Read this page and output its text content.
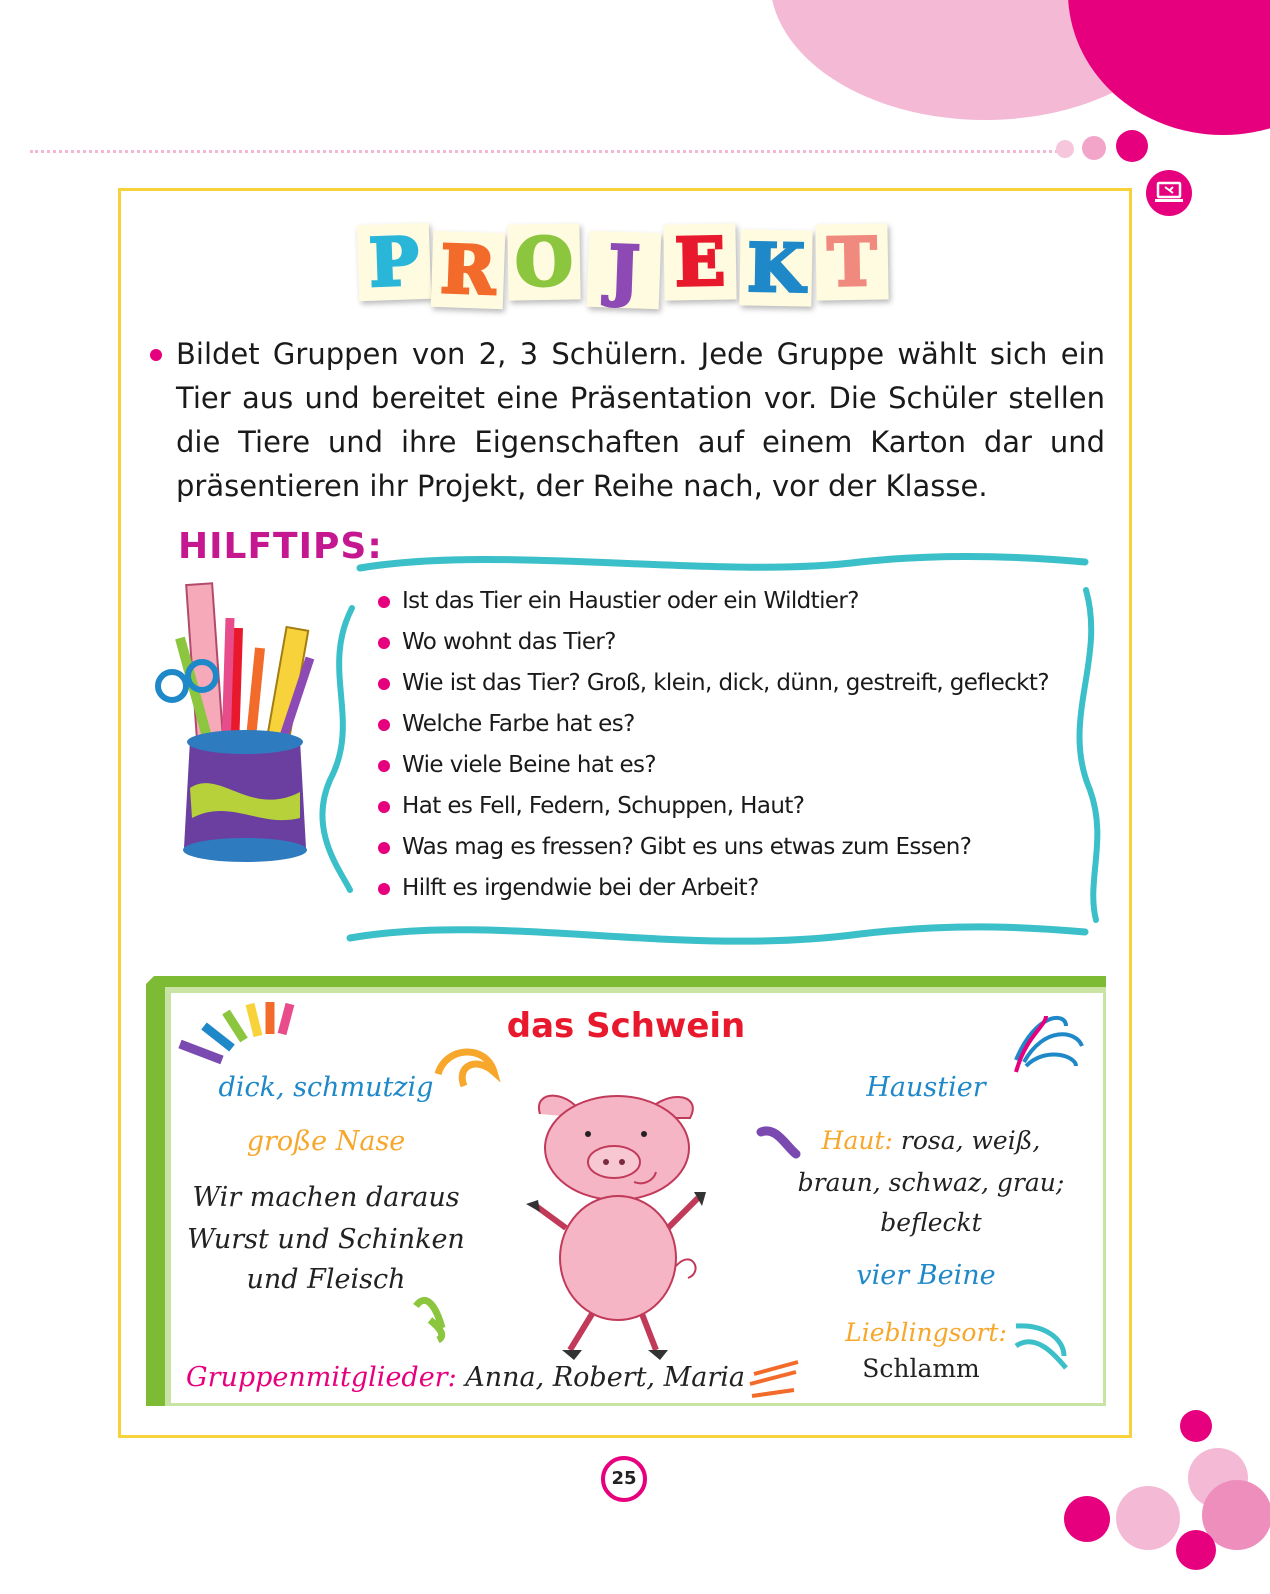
P R O J E K T

Bildet Gruppen von 2, 3 Schülern. Jede Gruppe wählt sich ein Tier aus und bereitet eine Präsentation vor. Die Schüler stellen die Tiere und ihre Eigenschaften auf einem Karton dar und präsentieren ihr Projekt, der Reihe nach, vor der Klasse.

HILFTIPS:
Ist das Tier ein Haustier oder ein Wildtier?
Wo wohnt das Tier?
Wie ist das Tier? Groß, klein, dick, dünn, gestreift, gefleckt?
Welche Farbe hat es?
Wie viele Beine hat es?
Hat es Fell, Federn, Schuppen, Haut?
Was mag es fressen? Gibt es uns etwas zum Essen?
Hilft es irgendwie bei der Arbeit?
das Schwein
dick, schmutzig
große Nase
Wir machen daraus
Wurst und Schinken
und Fleisch
Haustier
Haut: rosa, weiß,
braun, schwaz, grau;
befleckt
vier Beine
Lieblingsort:
Schlamm
Gruppenmitglieder: Anna, Robert, Maria
25
